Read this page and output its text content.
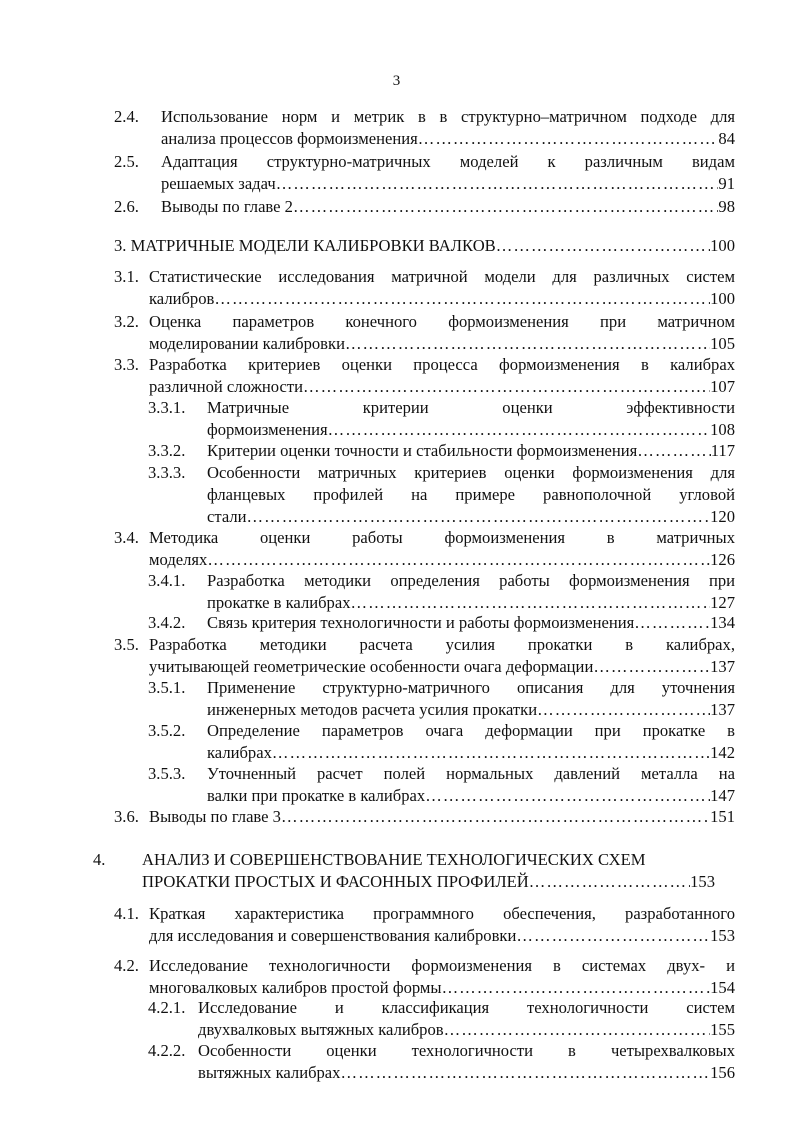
3
2.4. Использование норм и метрик в в структурно–матричном подходе для
анализа процессов формоизменения ………………………………………………………………………………………………………………………………………………………………………………………………	84
2.5. Адаптация структурно-матричных моделей к различным видам
решаемых задач ………………………………………………………………………………………………………………………………………………………………………………………………	91
2.6. Выводы по главе 2 ………………………………………………………………………………………………………………………………………………………………………………………………	98
3. МАТРИЧНЫЕ МОДЕЛИ КАЛИБРОВКИ ВАЛКОВ ………………………………………………………………………………………………………………………………………………………………………………………………	100
3.1. Статистические исследования матричной модели для различных систем
калибров ………………………………………………………………………………………………………………………………………………………………………………………………	100
3.2. Оценка параметров конечного формоизменения при матричном
моделировании калибровки ………………………………………………………………………………………………………………………………………………………………………………………………	105
3.3. Разработка критериев оценки процесса формоизменения в калибрах
различной сложности ………………………………………………………………………………………………………………………………………………………………………………………………	107
3.3.1. Матричные критерии оценки эффективности
формоизменения ………………………………………………………………………………………………………………………………………………………………………………………………	108
3.3.2. Критерии оценки точности и стабильности формоизменения ………………………………………………………………………………………………………………………………………………………………………………………………	117
3.3.3. Особенности матричных критериев оценки формоизменения для
фланцевых профилей на примере равнополочной угловой
стали ………………………………………………………………………………………………………………………………………………………………………………………………	120
3.4. Методика оценки работы формоизменения в матричных
моделях ………………………………………………………………………………………………………………………………………………………………………………………………	126
3.4.1. Разработка методики определения работы формоизменения при
прокатке в калибрах ………………………………………………………………………………………………………………………………………………………………………………………………	127
3.4.2. Связь критерия технологичности и работы формоизменения ………………………………………………………………………………………………………………………………………………………………………………………………	134
3.5. Разработка методики расчета усилия прокатки в калибрах,
учитывающей геометрические особенности очага деформации ………………………………………………………………………………………………………………………………………………………………………………………………	137
3.5.1. Применение структурно-матричного описания для уточнения
инженерных методов расчета усилия прокатки ………………………………………………………………………………………………………………………………………………………………………………………………	137
3.5.2. Определение параметров очага деформации при прокатке в
калибрах ………………………………………………………………………………………………………………………………………………………………………………………………	142
3.5.3. Уточненный расчет полей нормальных давлений металла на
валки при прокатке в калибрах ………………………………………………………………………………………………………………………………………………………………………………………………	147
3.6. Выводы по главе 3 ………………………………………………………………………………………………………………………………………………………………………………………………	151
4. АНАЛИЗ И СОВЕРШЕНСТВОВАНИЕ ТЕХНОЛОГИЧЕСКИХ СХЕМ
ПРОКАТКИ ПРОСТЫХ И ФАСОННЫХ ПРОФИЛЕЙ ………………………………………………………………………………………………………………………………………………………………………………………………	153
4.1. Краткая характеристика программного обеспечения, разработанного
для исследования и совершенствования калибровки ………………………………………………………………………………………………………………………………………………………………………………………………	153
4.2. Исследование технологичности формоизменения в системах двух- и
многовалковых калибров простой формы ………………………………………………………………………………………………………………………………………………………………………………………………	154
4.2.1. Исследование и классификация технологичности систем
двухвалковых вытяжных калибров ………………………………………………………………………………………………………………………………………………………………………………………………	155
4.2.2. Особенности оценки технологичности в четырехвалковых
вытяжных калибрах ………………………………………………………………………………………………………………………………………………………………………………………………	156
